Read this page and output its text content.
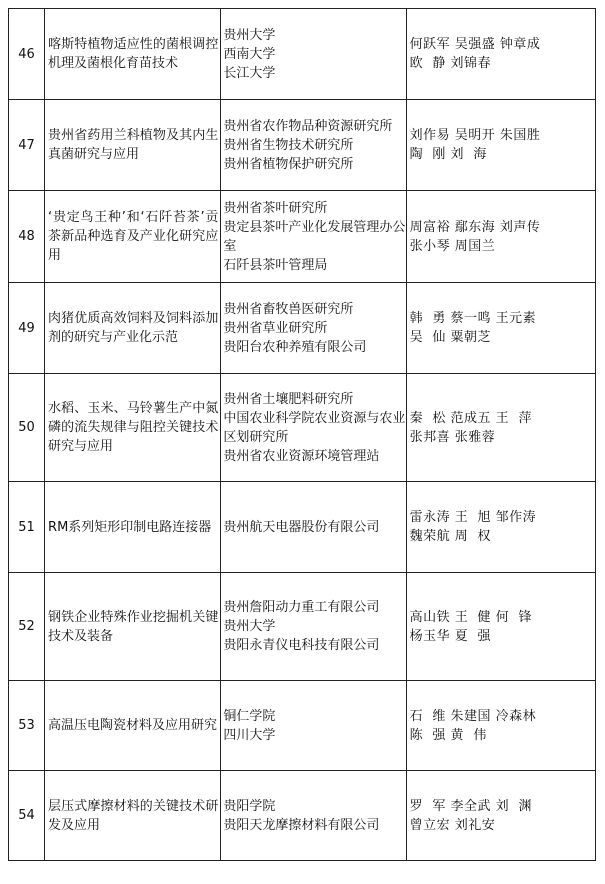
46	喀斯特植物适应性的菌根调控机理及菌根化育苗技术	贵州大学
西南大学
长江大学	何跃军 吴强盛 钟章成
欧  静 刘锦春

47	贵州省药用兰科植物及其内生真菌研究与应用	贵州省农作物品种资源研究所
贵州省生物技术研究所
贵州省植物保护研究所	刘作易 吴明开 朱国胜
陶  刚 刘  海

48	‘贵定鸟王种’和‘石阡苔茶’贡茶新品种选育及产业化研究应用	贵州省茶叶研究所
贵定县茶叶产业化发展管理办公室
石阡县茶叶管理局	周富裕 鄢东海 刘声传
张小琴 周国兰

49	肉猪优质高效饲料及饲料添加剂的研究与产业化示范	贵州省畜牧兽医研究所
贵州省草业研究所
贵阳台农种养殖有限公司	韩  勇 蔡一鸣 王元素
吴  仙 粟朝芝

50	水稻、玉米、马铃薯生产中氮磷的流失规律与阻控关键技术研究与应用	贵州省土壤肥料研究所
中国农业科学院农业资源与农业区划研究所
贵州省农业资源环境管理站	秦  松 范成五 王  萍
张邦喜 张雅蓉

51	RM系列矩形印制电路连接器	贵州航天电器股份有限公司	雷永涛 王  旭 邹作涛
魏荣航 周  权

52	钢铁企业特殊作业挖掘机关键技术及装备	贵州詹阳动力重工有限公司
贵州大学
贵阳永青仪电科技有限公司	高山铁 王  健 何  锋
杨玉华 夏  强

53	高温压电陶瓷材料及应用研究	铜仁学院
四川大学	石  维 朱建国 冷森林
陈  强 黄  伟

54	层压式摩擦材料的关键技术研发及应用	贵阳学院
贵阳天龙摩擦材料有限公司	罗  军 李全武 刘  渊
曾立宏 刘礼安
